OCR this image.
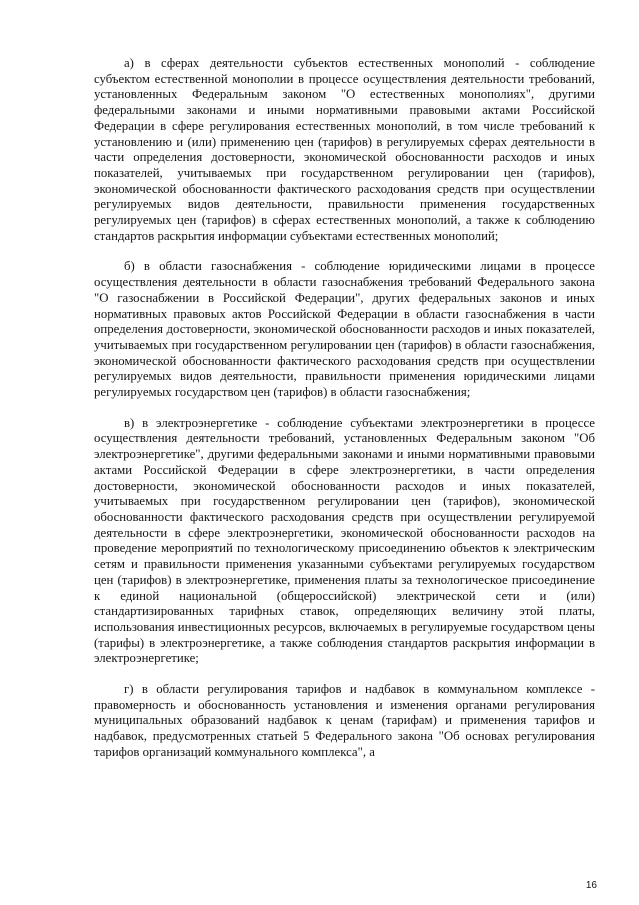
а) в сферах деятельности субъектов естественных монополий - соблюдение субъектом естественной монополии в процессе осуществления деятельности требований, установленных Федеральным законом "О естественных монополиях", другими федеральными законами и иными нормативными правовыми актами Российской Федерации в сфере регулирования естественных монополий, в том числе требований к установлению и (или) применению цен (тарифов) в регулируемых сферах деятельности в части определения достоверности, экономической обоснованности расходов и иных показателей, учитываемых при государственном регулировании цен (тарифов), экономической обоснованности фактического расходования средств при осуществлении регулируемых видов деятельности, правильности применения государственных регулируемых цен (тарифов) в сферах естественных монополий, а также к соблюдению стандартов раскрытия информации субъектами естественных монополий;

б) в области газоснабжения - соблюдение юридическими лицами в процессе осуществления деятельности в области газоснабжения требований Федерального закона "О газоснабжении в Российской Федерации", других федеральных законов и иных нормативных правовых актов Российской Федерации в области газоснабжения в части определения достоверности, экономической обоснованности расходов и иных показателей, учитываемых при государственном регулировании цен (тарифов) в области газоснабжения, экономической обоснованности фактического расходования средств при осуществлении регулируемых видов деятельности, правильности применения юридическими лицами регулируемых государством цен (тарифов) в области газоснабжения;

в) в электроэнергетике - соблюдение субъектами электроэнергетики в процессе осуществления деятельности требований, установленных Федеральным законом "Об электроэнергетике", другими федеральными законами и иными нормативными правовыми актами Российской Федерации в сфере электроэнергетики, в части определения достоверности, экономической обоснованности расходов и иных показателей, учитываемых при государственном регулировании цен (тарифов), экономической обоснованности фактического расходования средств при осуществлении регулируемой деятельности в сфере электроэнергетики, экономической обоснованности расходов на проведение мероприятий по технологическому присоединению объектов к электрическим сетям и правильности применения указанными субъектами регулируемых государством цен (тарифов) в электроэнергетике, применения платы за технологическое присоединение к единой национальной (общероссийской) электрической сети и (или) стандартизированных тарифных ставок, определяющих величину этой платы, использования инвестиционных ресурсов, включаемых в регулируемые государством цены (тарифы) в электроэнергетике, а также соблюдения стандартов раскрытия информации в электроэнергетике;

г) в области регулирования тарифов и надбавок в коммунальном комплексе - правомерность и обоснованность установления и изменения органами регулирования муниципальных образований надбавок к ценам (тарифам) и применения тарифов и надбавок, предусмотренных статьей 5 Федерального закона "Об основах регулирования тарифов организаций коммунального комплекса", а

16
